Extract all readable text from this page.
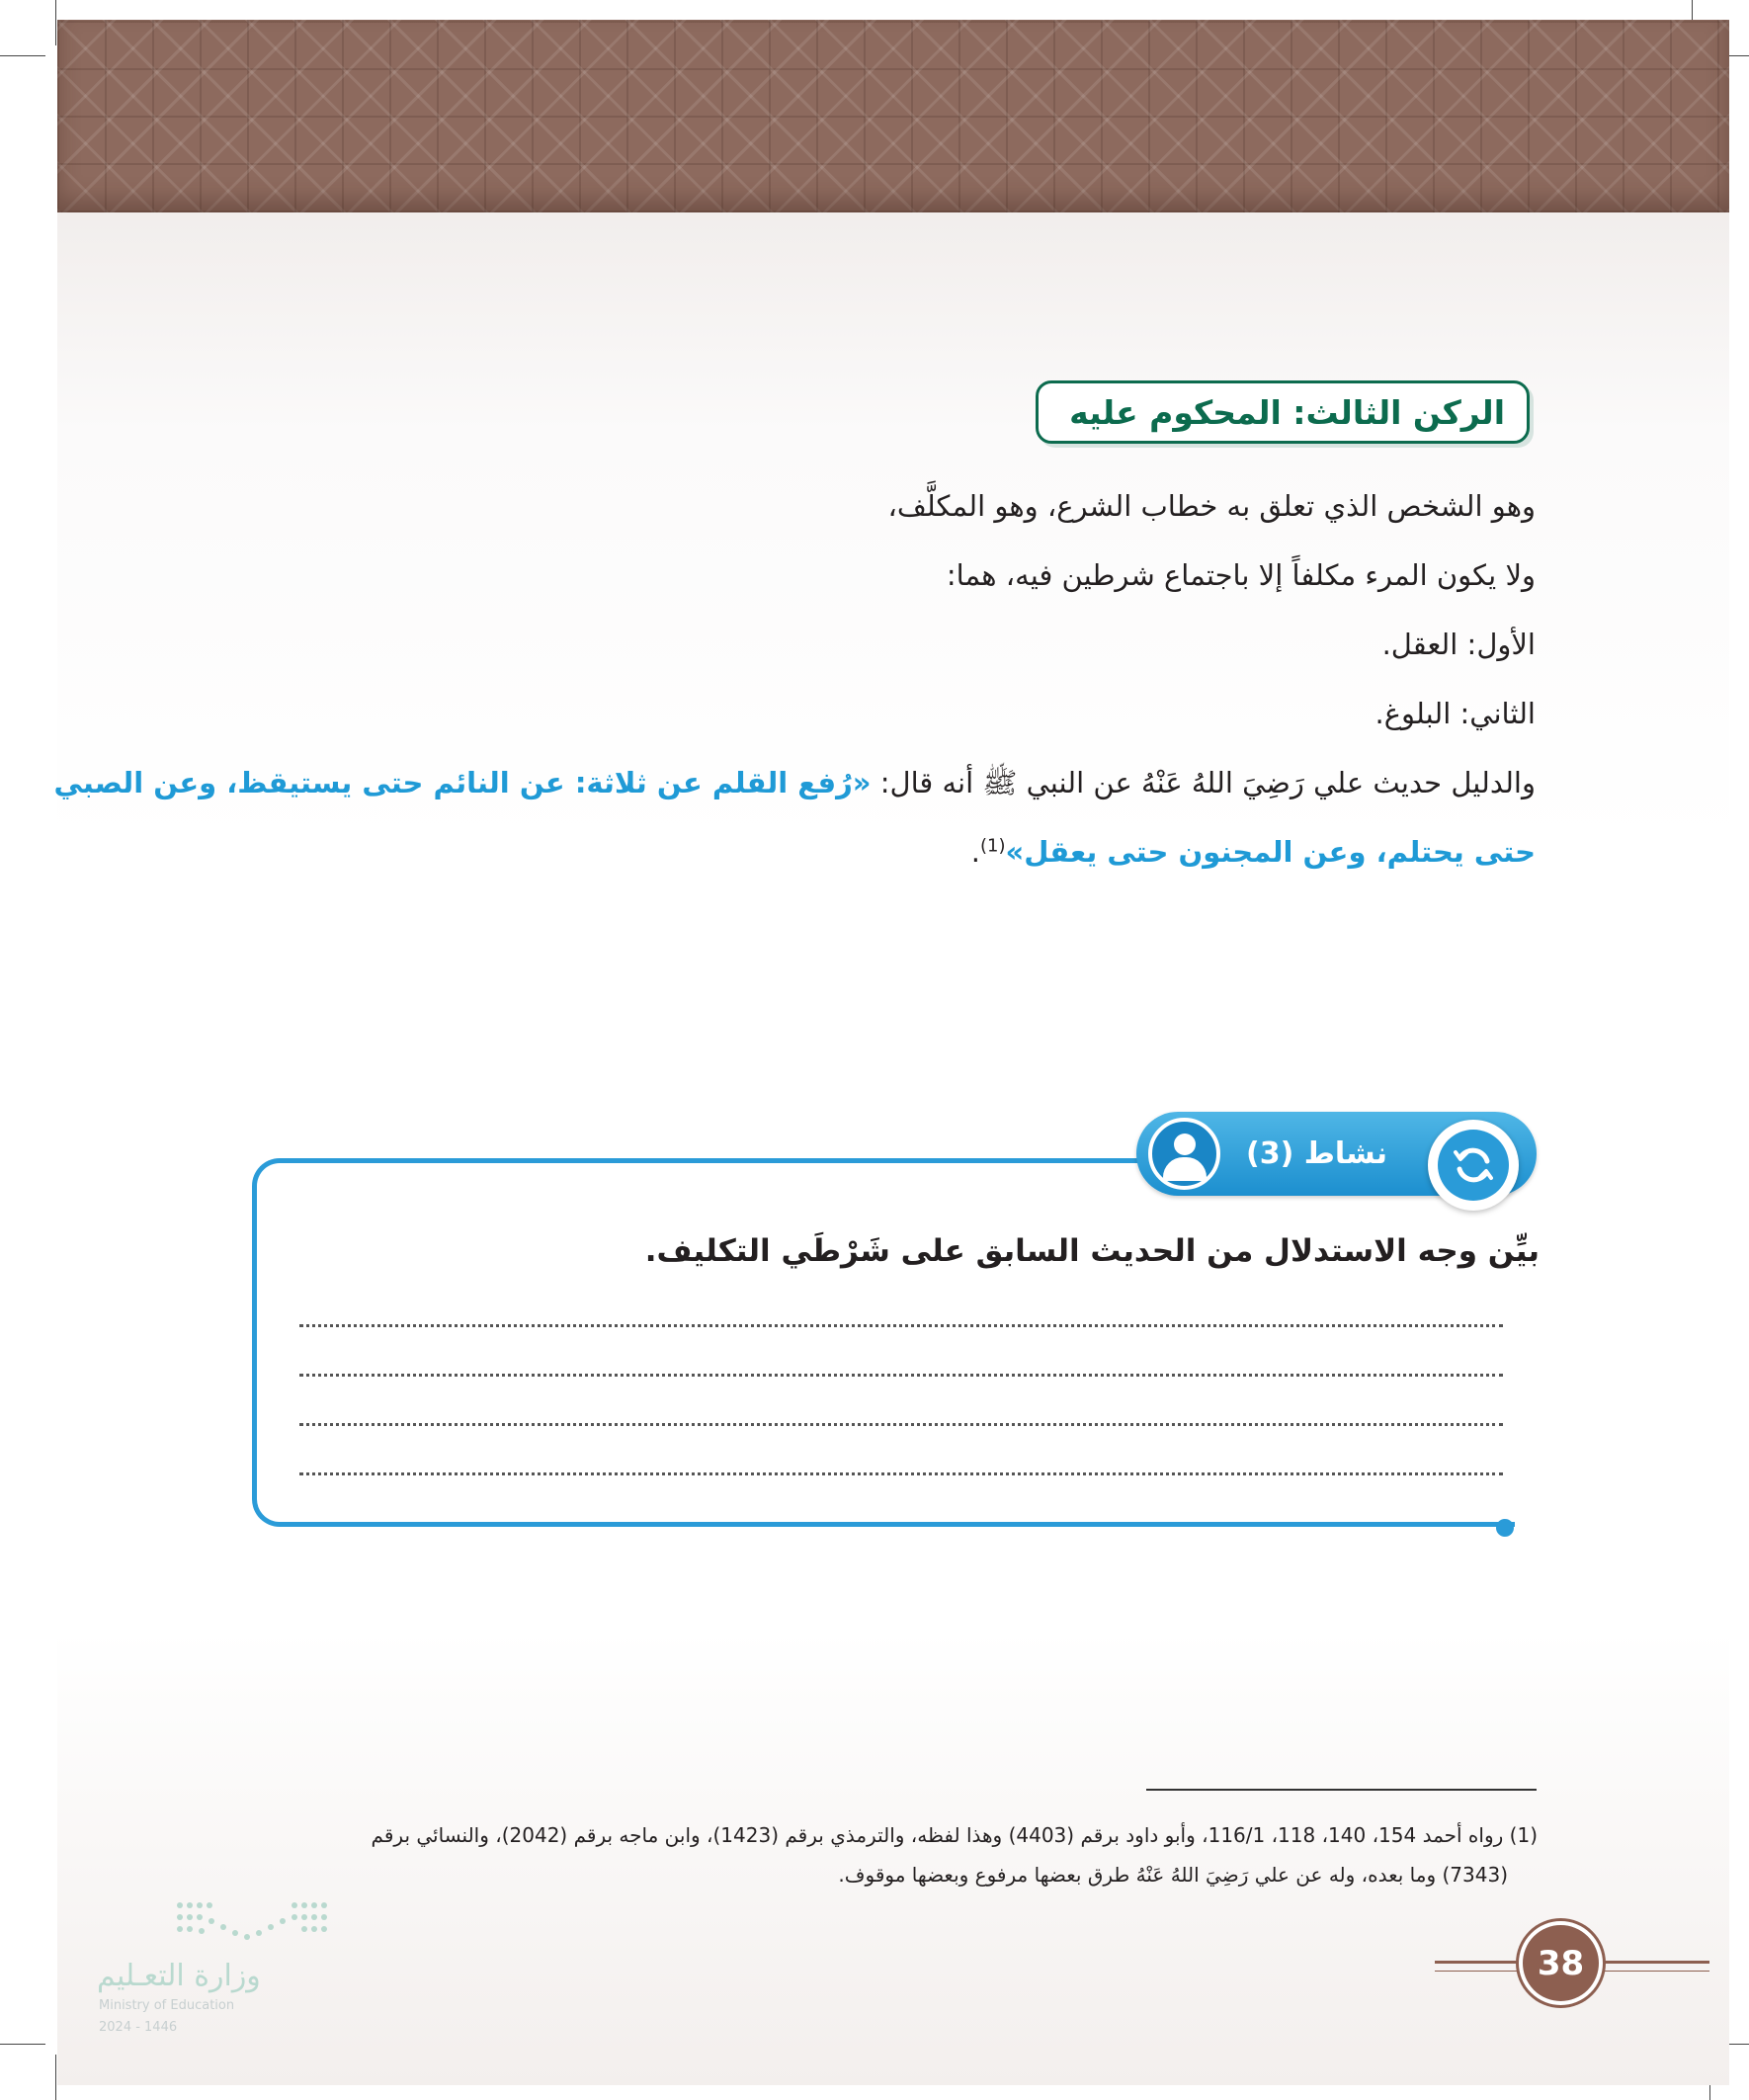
الركن الثالث: المحكوم عليه
وهو الشخص الذي تعلق به خطاب الشرع، وهو المكلَّف،
ولا يكون المرء مكلفاً إلا باجتماع شرطين فيه، هما:
الأول: العقل.
الثاني: البلوغ.
والدليل حديث علي رَضِيَ اللهُ عَنْهُ عن النبي ﷺ أنه قال: «رُفع القلم عن ثلاثة: عن النائم حتى يستيقظ، وعن الصبي
حتى يحتلم، وعن المجنون حتى يعقل»$^{(1)}$.
نشاط (3)
بيِّن وجه الاستدلال من الحديث السابق على شَرْطَي التكليف.
(1) رواه أحمد 154، 140، 118، 116/1، وأبو داود برقم (4403) وهذا لفظه، والترمذي برقم (1423)، وابن ماجه برقم (2042)، والنسائي برقم
(7343) وما بعده، وله عن علي رَضِيَ اللهُ عَنْهُ طرق بعضها مرفوع وبعضها موقوف.
38
وزارة التعـليم
Ministry of Education
2024 - 1446
